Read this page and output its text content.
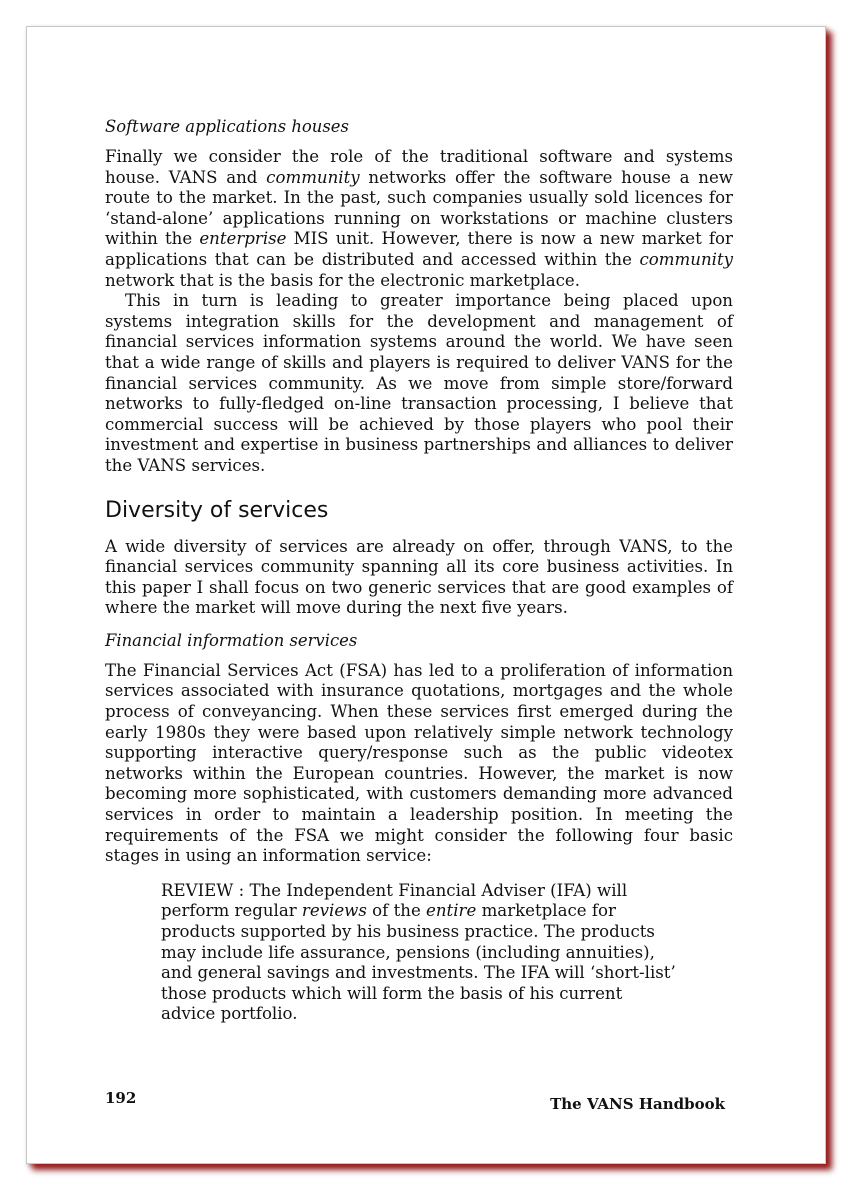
Software applications houses

Finally we consider the role of the traditional software and systems house. VANS and community networks offer the software house a new route to the market. In the past, such companies usually sold licences for ‘stand-alone’ applications running on workstations or machine clusters within the enterprise MIS unit. However, there is now a new market for applications that can be distributed and accessed within the community network that is the basis for the electronic marketplace.

This in turn is leading to greater importance being placed upon systems integration skills for the development and management of financial services information systems around the world. We have seen that a wide range of skills and players is required to deliver VANS for the financial services community. As we move from simple store/forward networks to fully-fledged on-line transaction processing, I believe that commercial success will be achieved by those players who pool their investment and expertise in business partnerships and alliances to deliver the VANS services.

Diversity of services

A wide diversity of services are already on offer, through VANS, to the financial services community spanning all its core business activities. In this paper I shall focus on two generic services that are good examples of where the market will move during the next five years.

Financial information services

The Financial Services Act (FSA) has led to a proliferation of information services associated with insurance quotations, mortgages and the whole process of conveyancing. When these services first emerged during the early 1980s they were based upon relatively simple network technology supporting interactive query/response such as the public videotex networks within the European countries. However, the market is now becoming more sophisticated, with customers demanding more advanced services in order to maintain a leadership position. In meeting the requirements of the FSA we might consider the following four basic stages in using an information service:

REVIEW : The Independent Financial Adviser (IFA) will perform regular reviews of the entire marketplace for products supported by his business practice. The products may include life assurance, pensions (including annuities), and general savings and investments. The IFA will ‘short-list’ those products which will form the basis of his current advice portfolio.

192	The VANS Handbook
